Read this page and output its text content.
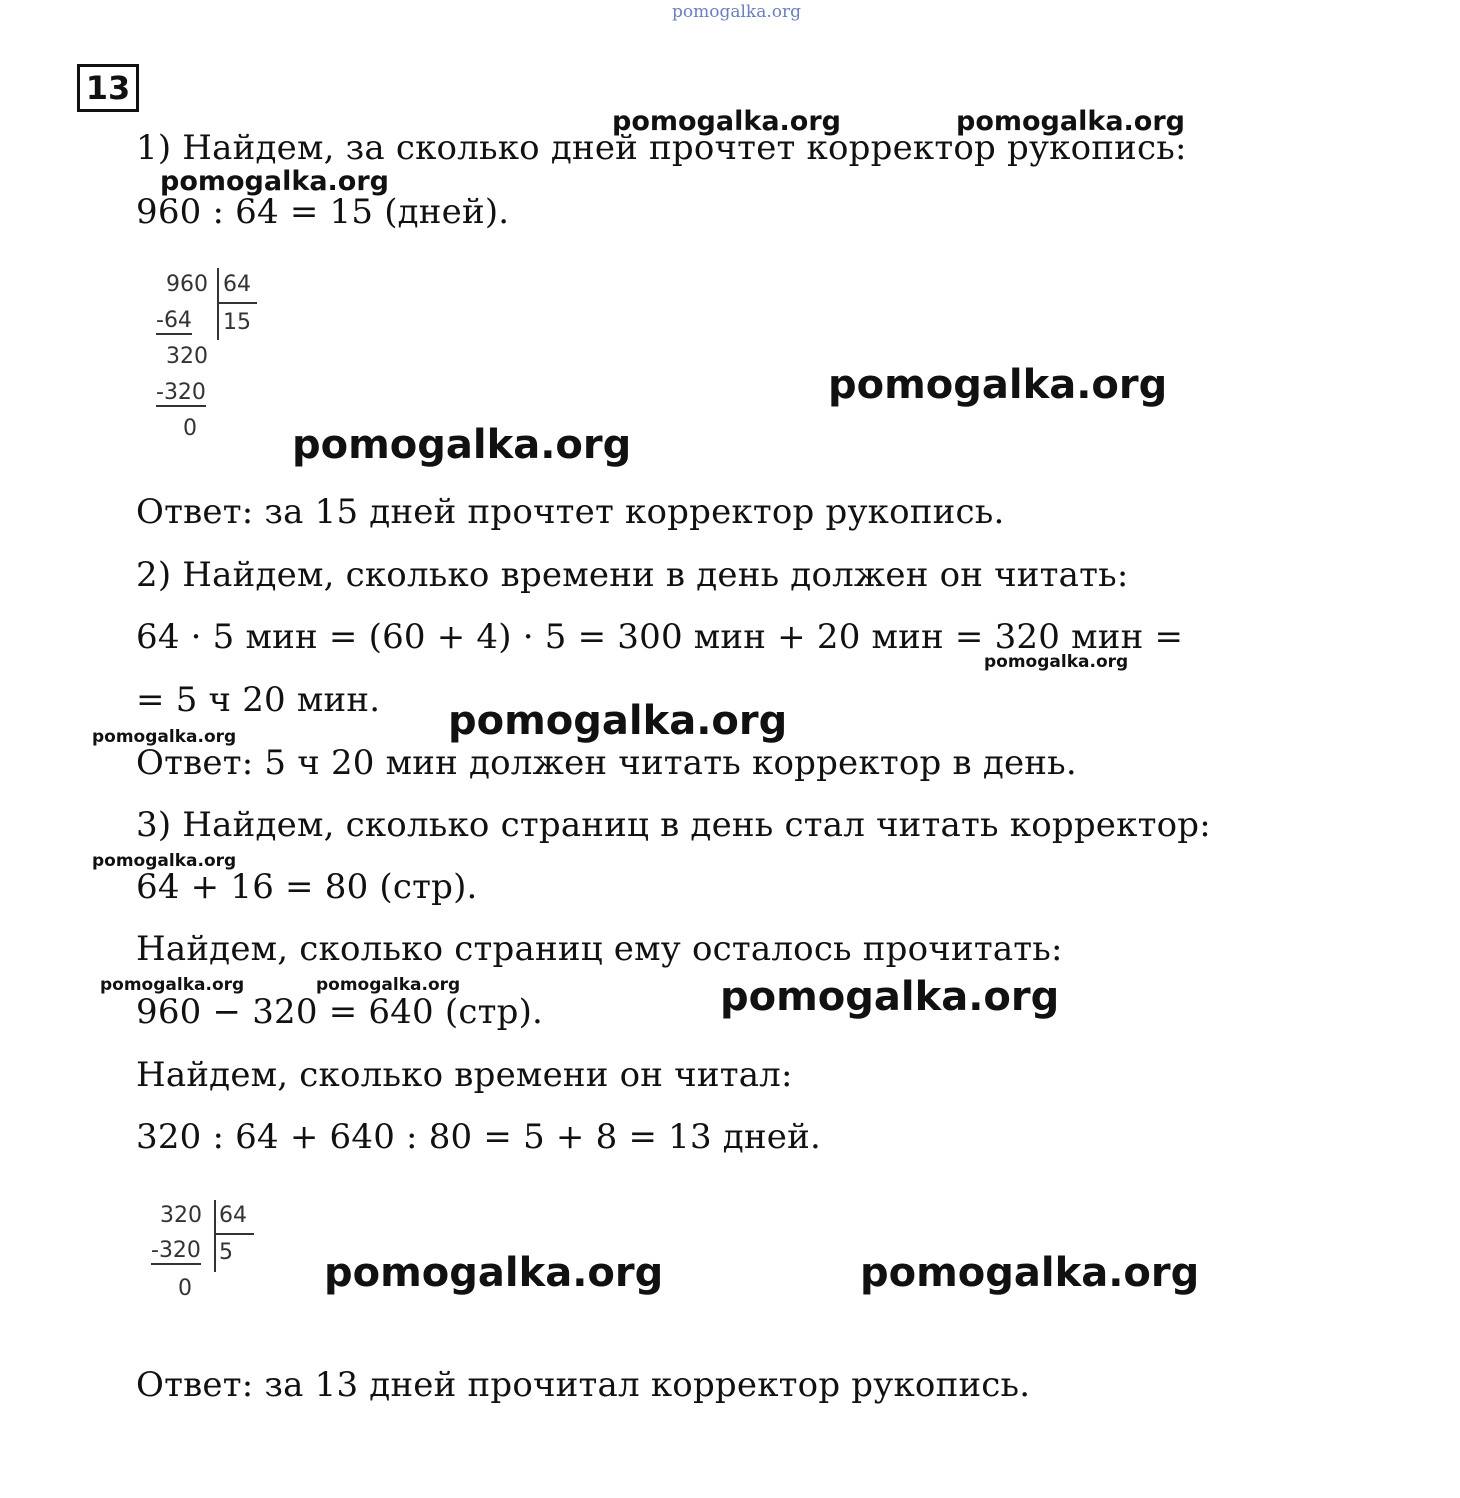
pomogalka.org
13
1) Найдем, за сколько дней прочтет корректор рукопись:
960 : 64 = 15 (дней).
960 64
-64 15
320
-320
0
Ответ: за 15 дней прочтет корректор рукопись.
2) Найдем, сколько времени в день должен он читать:
64 · 5 мин = (60 + 4) · 5 = 300 мин + 20 мин = 320 мин =
= 5 ч 20 мин.
Ответ: 5 ч 20 мин должен читать корректор в день.
3) Найдем, сколько страниц в день стал читать корректор:
64 + 16 = 80 (стр).
Найдем, сколько страниц ему осталось прочитать:
960 − 320 = 640 (стр).
Найдем, сколько времени он читал:
320 : 64 + 640 : 80 = 5 + 8 = 13 дней.
320 64
-320 5
0
Ответ: за 13 дней прочитал корректор рукопись.
pomogalka.org	pomogalka.org
pomogalka.org
pomogalka.org
pomogalka.org
pomogalka.org
pomogalka.org
pomogalka.org
pomogalka.org
pomogalka.org	pomogalka.org	pomogalka.org
pomogalka.org	pomogalka.org
